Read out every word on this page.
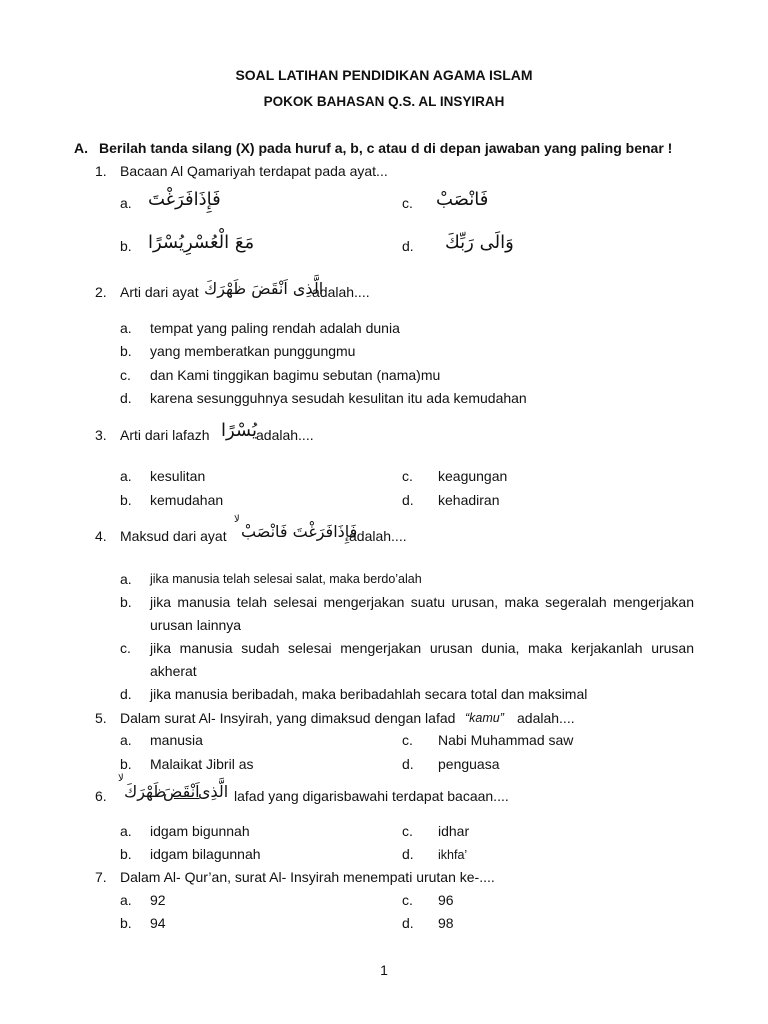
SOAL LATIHAN PENDIDIKAN AGAMA ISLAM
POKOK BAHASAN Q.S. AL INSYIRAH
A. Berilah tanda silang (X) pada huruf a, b, c atau d di depan jawaban yang paling benar !
1. Bacaan Al Qamariyah terdapat pada ayat...
a. فَإِذَافَرَغْتَ	c. فَانْصَبْ
b. مَعَ الْعُسْرِيُسْرًا	d. وَالَى رَبِّكَ
2. Arti dari ayat الَّذِى اَنْقَضَ ظَهْرَكَ
adalah....
a. tempat yang paling rendah adalah dunia
b. yang memberatkan punggungmu
c. dan Kami tinggikan bagimu sebutan (nama)mu
d. karena sesungguhnya sesudah kesulitan itu ada kemudahan
3. Arti dari lafazh يُسْرًا adalah....
a. kesulitan	c. keagungan
b. kemudahan	d. kehadiran
4. Maksud dari ayat
لا
فَإِذَافَرَغْتَ فَانْصَبْ
adalah....
a. jika manusia telah selesai salat, maka berdo’alah
b. jika manusia telah selesai mengerjakan suatu urusan, maka segeralah mengerjakan
urusan lainnya
c. jika manusia sudah selesai mengerjakan urusan dunia, maka kerjakanlah urusan
akherat
d. jika manusia beribadah, maka beribadahlah secara total dan maksimal
5. Dalam surat Al- Insyirah, yang dimaksud dengan lafad “kamu” adalah....
a. manusia	c. Nabi Muhammad saw
b. Malaikat Jibril as	d. penguasa
6.
لا
ظَهْرَكَ
اَنْقَضَ
الَّذِى lafad yang digarisbawahi terdapat bacaan....
a. idgam bigunnah	c. idhar
b. idgam bilagunnah	d. ikhfa’
7. Dalam Al- Qur’an, surat Al- Insyirah menempati urutan ke-....
a. 92	c. 96
b. 94	d. 98
1
